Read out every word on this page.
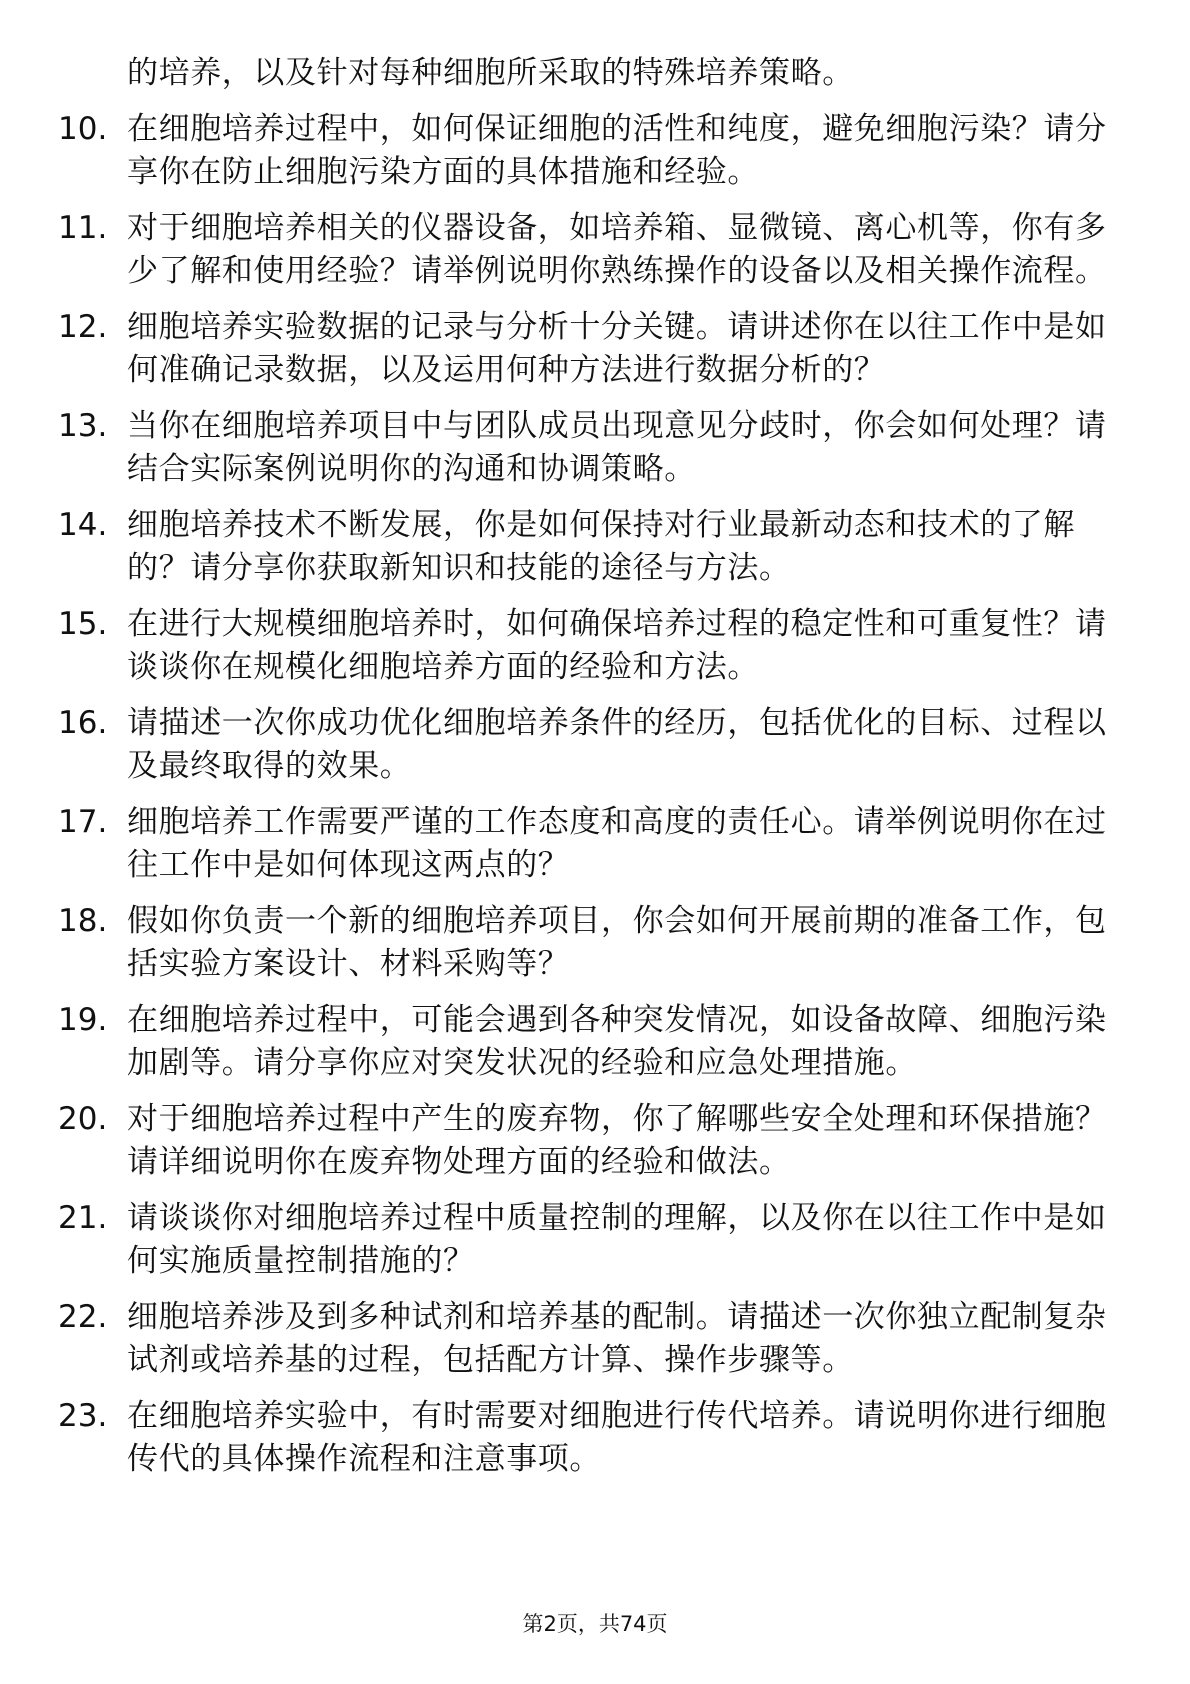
的培养，以及针对每种细胞所采取的特殊培养策略。
10. 在细胞培养过程中，如何保证细胞的活性和纯度，避免细胞污染？请分享你在防止细胞污染方面的具体措施和经验。
11. 对于细胞培养相关的仪器设备，如培养箱、显微镜、离心机等，你有多少了解和使用经验？请举例说明你熟练操作的设备以及相关操作流程。
12. 细胞培养实验数据的记录与分析十分关键。请讲述你在以往工作中是如何准确记录数据，以及运用何种方法进行数据分析的？
13. 当你在细胞培养项目中与团队成员出现意见分歧时，你会如何处理？请结合实际案例说明你的沟通和协调策略。
14. 细胞培养技术不断发展，你是如何保持对行业最新动态和技术的了解的？请分享你获取新知识和技能的途径与方法。
15. 在进行大规模细胞培养时，如何确保培养过程的稳定性和可重复性？请谈谈你在规模化细胞培养方面的经验和方法。
16. 请描述一次你成功优化细胞培养条件的经历，包括优化的目标、过程以及最终取得的效果。
17. 细胞培养工作需要严谨的工作态度和高度的责任心。请举例说明你在过往工作中是如何体现这两点的？
18. 假如你负责一个新的细胞培养项目，你会如何开展前期的准备工作，包括实验方案设计、材料采购等？
19. 在细胞培养过程中，可能会遇到各种突发情况，如设备故障、细胞污染加剧等。请分享你应对突发状况的经验和应急处理措施。
20. 对于细胞培养过程中产生的废弃物，你了解哪些安全处理和环保措施？请详细说明你在废弃物处理方面的经验和做法。
21. 请谈谈你对细胞培养过程中质量控制的理解，以及你在以往工作中是如何实施质量控制措施的？
22. 细胞培养涉及到多种试剂和培养基的配制。请描述一次你独立配制复杂试剂或培养基的过程，包括配方计算、操作步骤等。
23. 在细胞培养实验中，有时需要对细胞进行传代培养。请说明你进行细胞传代的具体操作流程和注意事项。
第2页，共74页
